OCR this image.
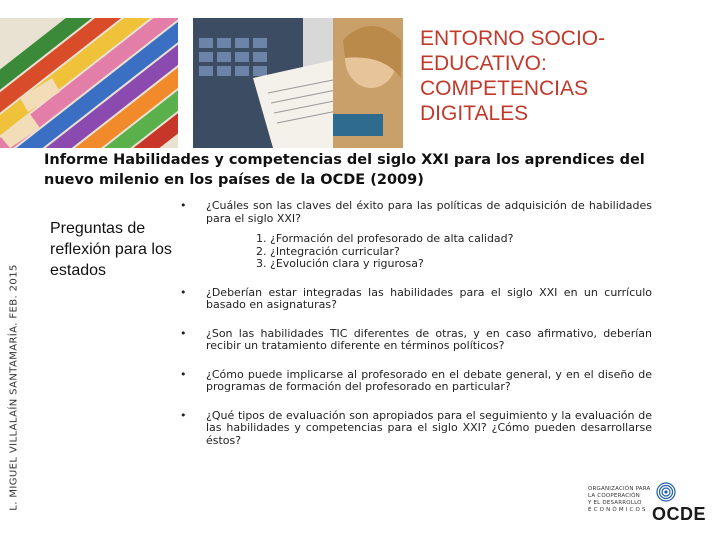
ENTORNO SOCIO-
EDUCATIVO:
COMPETENCIAS
DIGITALES
Informe Habilidades y competencias del siglo XXI para los aprendices del nuevo milenio en los países de la OCDE (2009)
Preguntas de reflexión para los estados
L. MIGUEL VILLALAÍN SANTAMARÍA. FEB. 2015
• ¿Cuáles son las claves del éxito para las políticas de adquisición de habilidades para el siglo XXI?
1. ¿Formación del profesorado de alta calidad?
2. ¿Integración curricular?
3. ¿Evolución clara y rigurosa?
• ¿Deberían estar integradas las habilidades para el siglo XXI en un currículo basado en asignaturas?
• ¿Son las habilidades TIC diferentes de otras, y en caso afirmativo, deberían recibir un tratamiento diferente en términos políticos?
• ¿Cómo puede implicarse al profesorado en el debate general, y en el diseño de programas de formación del profesorado en particular?
• ¿Qué tipos de evaluación son apropiados para el seguimiento y la evaluación de las habilidades y competencias para el siglo XXI? ¿Cómo pueden desarrollarse éstos?
ORGANIZACIÓN PARA
LA COOPERACIÓN
Y EL DESARROLLO
E C O N Ó M I C O S OCDE
